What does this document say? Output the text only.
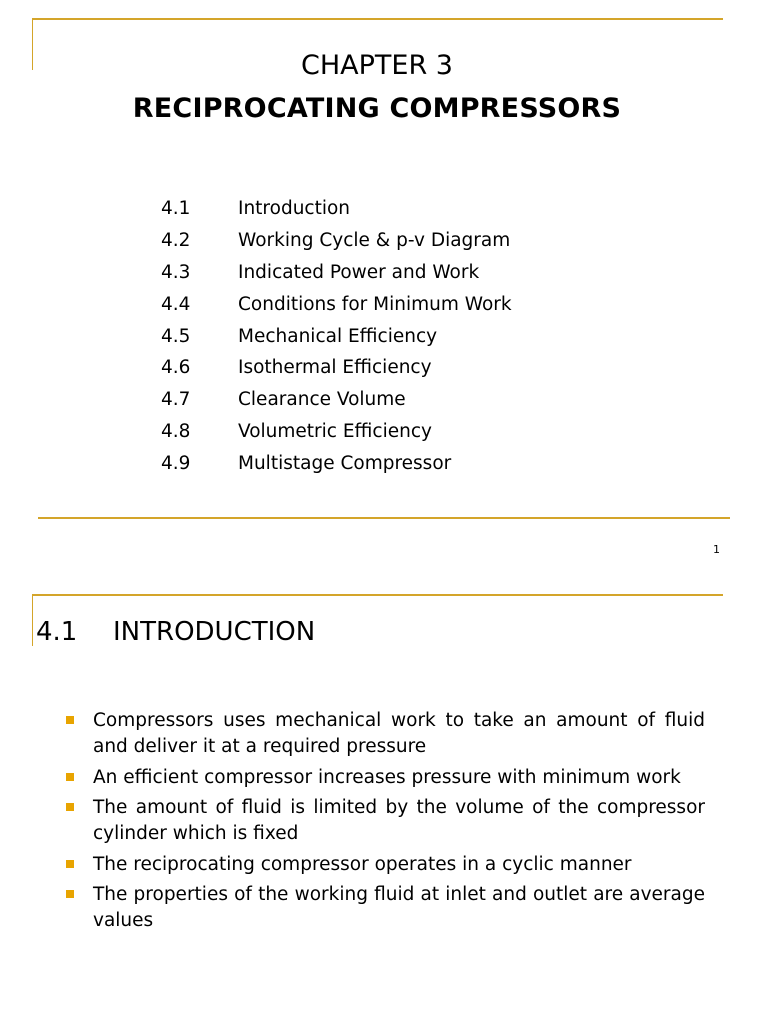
CHAPTER 3
RECIPROCATING COMPRESSORS
4.1	Introduction
4.2	Working Cycle & p-v Diagram
4.3	Indicated Power and Work
4.4	Conditions for Minimum Work
4.5	Mechanical Efficiency
4.6	Isothermal Efficiency
4.7	Clearance Volume
4.8	Volumetric Efficiency
4.9	Multistage Compressor
1
4.1 INTRODUCTION
Compressors uses mechanical work to take an amount of fluid and deliver it at a required pressure
An efficient compressor increases pressure with minimum work
The amount of fluid is limited by the volume of the compressor cylinder which is fixed
The reciprocating compressor operates in a cyclic manner
The properties of the working fluid at inlet and outlet are average values
